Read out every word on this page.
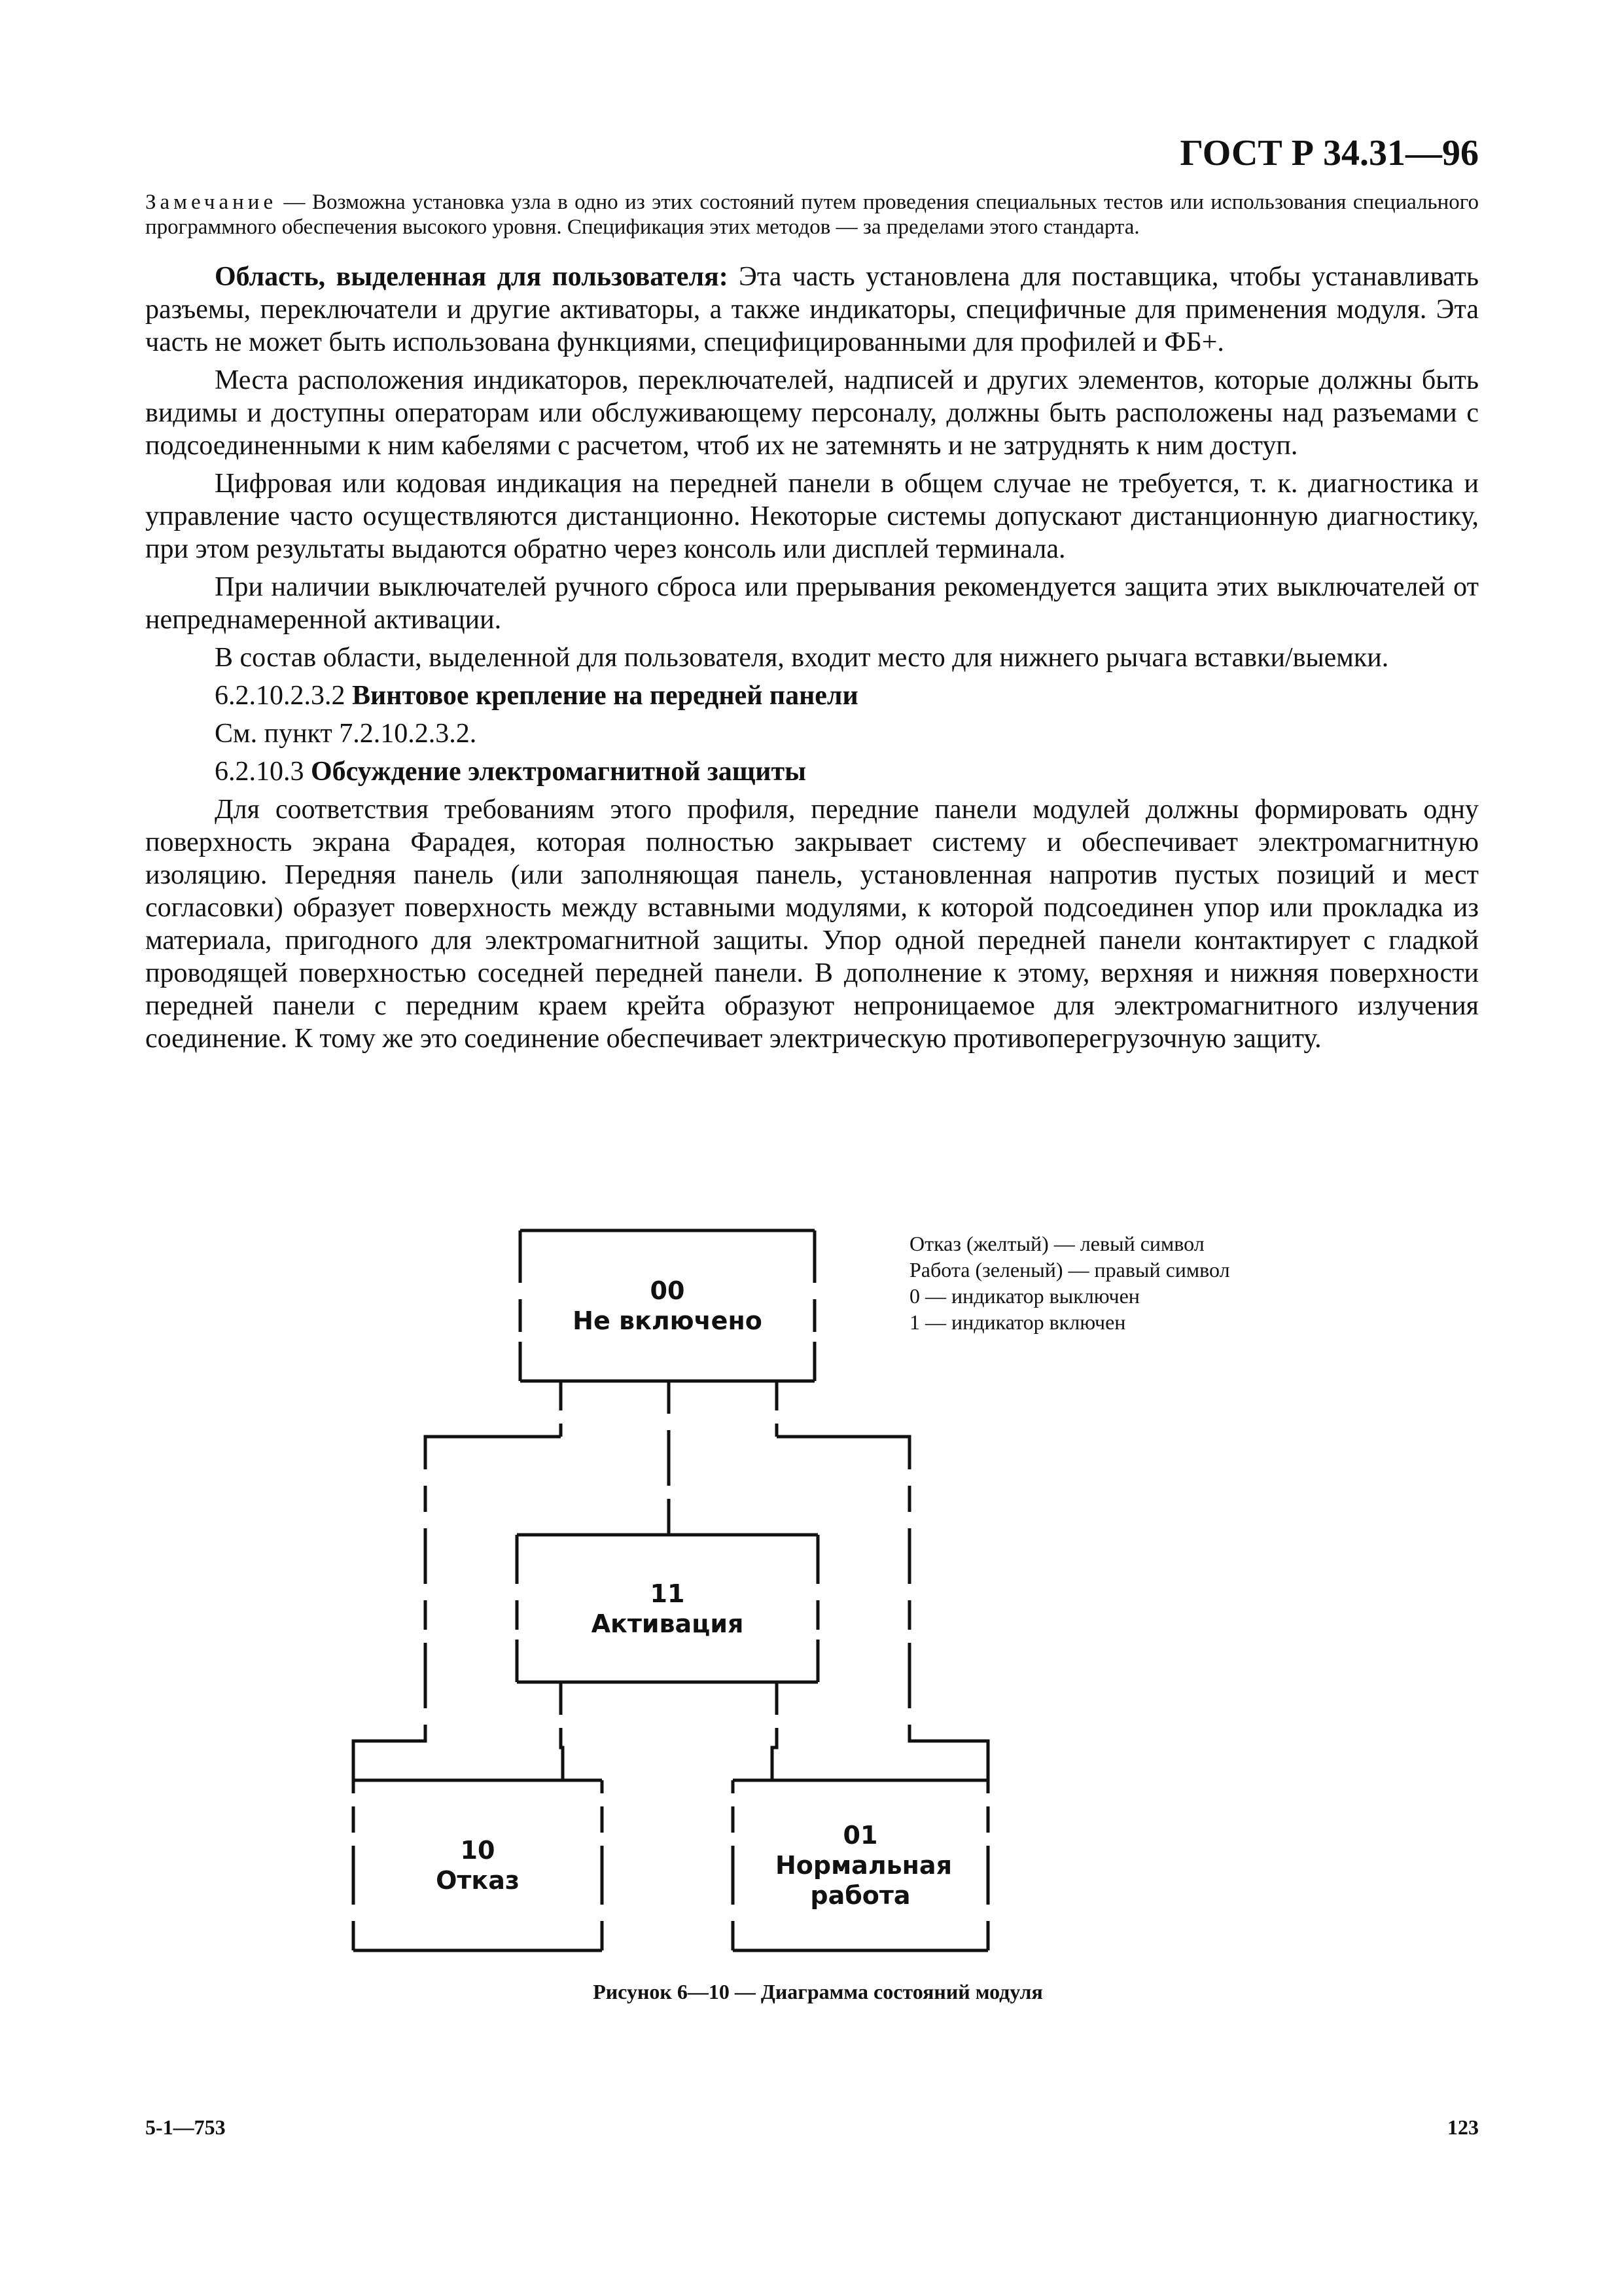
ГОСТ Р 34.31—96
Замечание — Возможна установка узла в одно из этих состояний путем проведения специальных тестов или использования специального программного обеспечения высокого уровня. Спецификация этих методов — за пределами этого стандарта.

Область, выделенная для пользователя: Эта часть установлена для поставщика, чтобы устанавливать разъемы, переключатели и другие активаторы, а также индикаторы, специфичные для применения модуля. Эта часть не может быть использована функциями, специфицированными для профилей и ФБ+.

Места расположения индикаторов, переключателей, надписей и других элементов, которые должны быть видимы и доступны операторам или обслуживающему персоналу, должны быть расположены над разъемами с подсоединенными к ним кабелями с расчетом, чтоб их не затемнять и не затруднять к ним доступ.

Цифровая или кодовая индикация на передней панели в общем случае не требуется, т. к. диагностика и управление часто осуществляются дистанционно. Некоторые системы допускают дистанционную диагностику, при этом результаты выдаются обратно через консоль или дисплей терминала.

При наличии выключателей ручного сброса или прерывания рекомендуется защита этих выключателей от непреднамеренной активации.

В состав области, выделенной для пользователя, входит место для нижнего рычага вставки/выемки.

6.2.10.2.3.2 Винтовое крепление на передней панели

См. пункт 7.2.10.2.3.2.

6.2.10.3 Обсуждение электромагнитной защиты

Для соответствия требованиям этого профиля, передние панели модулей должны формировать одну поверхность экрана Фарадея, которая полностью закрывает систему и обеспечивает электромагнитную изоляцию. Передняя панель (или заполняющая панель, установленная напротив пустых позиций и мест согласовки) образует поверхность между вставными модулями, к которой подсоединен упор или прокладка из материала, пригодного для электромагнитной защиты. Упор одной передней панели контактирует с гладкой проводящей поверхностью соседней передней панели. В дополнение к этому, верхняя и нижняя поверхности передней панели с передним краем крейта образуют непроницаемое для электромагнитного излучения соединение. К тому же это соединение обеспечивает электрическую противоперегрузочную защиту.

00
Не включено
11
Активация
10
Отказ
01
Нормальная работа
Отказ (желтый) — левый символ
Работа (зеленый) — правый символ
0 — индикатор выключен
1 — индикатор включен
Рисунок 6—10 — Диаграмма состояний модуля
5-1—753	123
